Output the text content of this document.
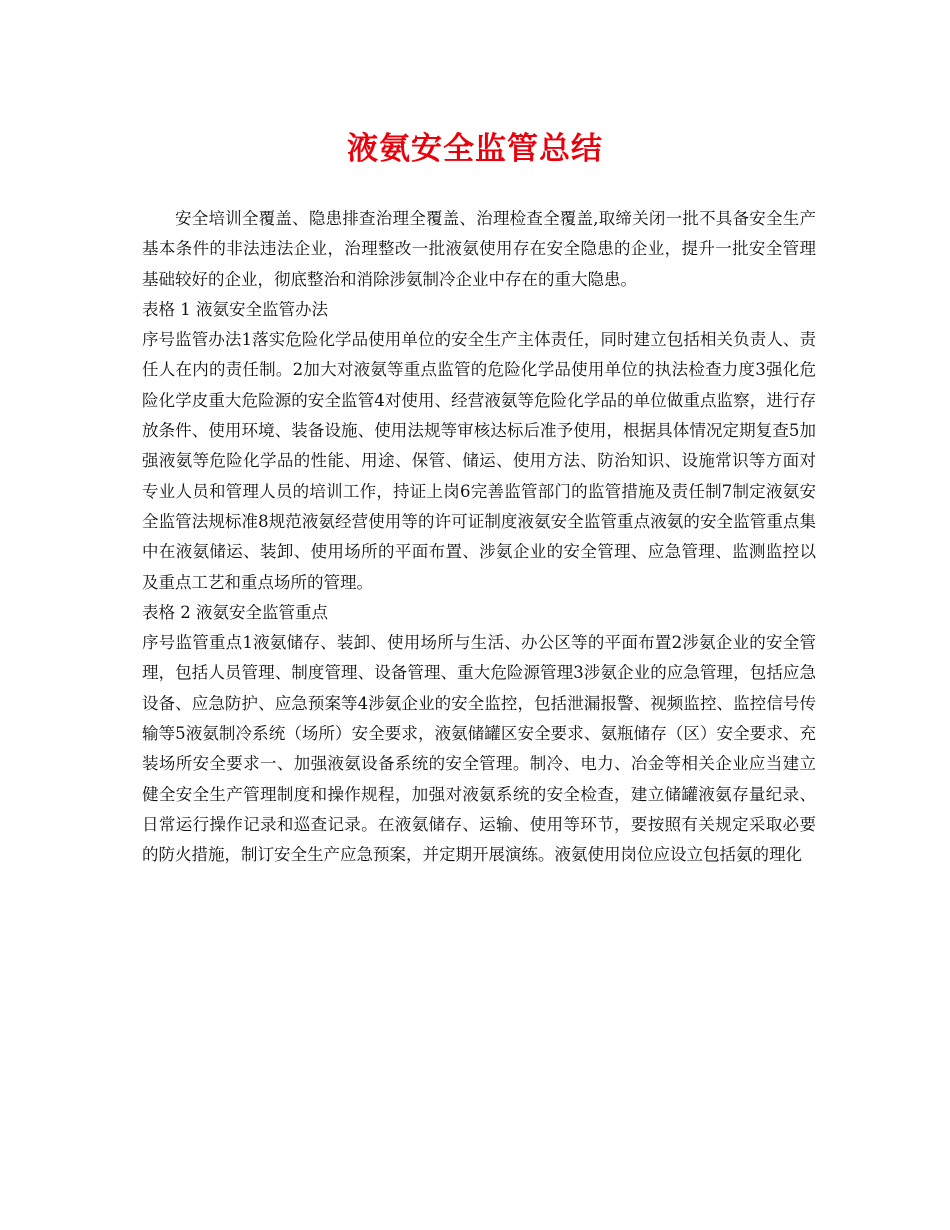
液氨安全监管总结

安全培训全覆盖、隐患排查治理全覆盖、治理检查全覆盖,取缔关闭一批不具备安全生产基本条件的非法违法企业，治理整改一批液氨使用存在安全隐患的企业，提升一批安全管理基础较好的企业，彻底整治和消除涉氨制冷企业中存在的重大隐患。

表格 1 液氨安全监管办法

序号监管办法1落实危险化学品使用单位的安全生产主体责任，同时建立包括相关负责人、责任人在内的责任制。2加大对液氨等重点监管的危险化学品使用单位的执法检查力度3强化危险化学皮重大危险源的安全监管4对使用、经营液氨等危险化学品的单位做重点监察，进行存放条件、使用环境、装备设施、使用法规等审核达标后准予使用，根据具体情况定期复查5加强液氨等危险化学品的性能、用途、保管、储运、使用方法、防治知识、设施常识等方面对专业人员和管理人员的培训工作，持证上岗6完善监管部门的监管措施及责任制7制定液氨安全监管法规标准8规范液氨经营使用等的许可证制度液氨安全监管重点液氨的安全监管重点集中在液氨储运、装卸、使用场所的平面布置、涉氨企业的安全管理、应急管理、监测监控以及重点工艺和重点场所的管理。

表格 2 液氨安全监管重点

序号监管重点1液氨储存、装卸、使用场所与生活、办公区等的平面布置2涉氨企业的安全管理，包括人员管理、制度管理、设备管理、重大危险源管理3涉氨企业的应急管理，包括应急设备、应急防护、应急预案等4涉氨企业的安全监控，包括泄漏报警、视频监控、监控信号传输等5液氨制冷系统（场所）安全要求，液氨储罐区安全要求、氨瓶储存（区）安全要求、充装场所安全要求一、加强液氨设备系统的安全管理。制冷、电力、冶金等相关企业应当建立健全安全生产管理制度和操作规程，加强对液氨系统的安全检查，建立储罐液氨存量纪录、日常运行操作记录和巡查记录。在液氨储存、运输、使用等环节，要按照有关规定采取必要的防火措施，制订安全生产应急预案，并定期开展演练。液氨使用岗位应设立包括氨的理化
